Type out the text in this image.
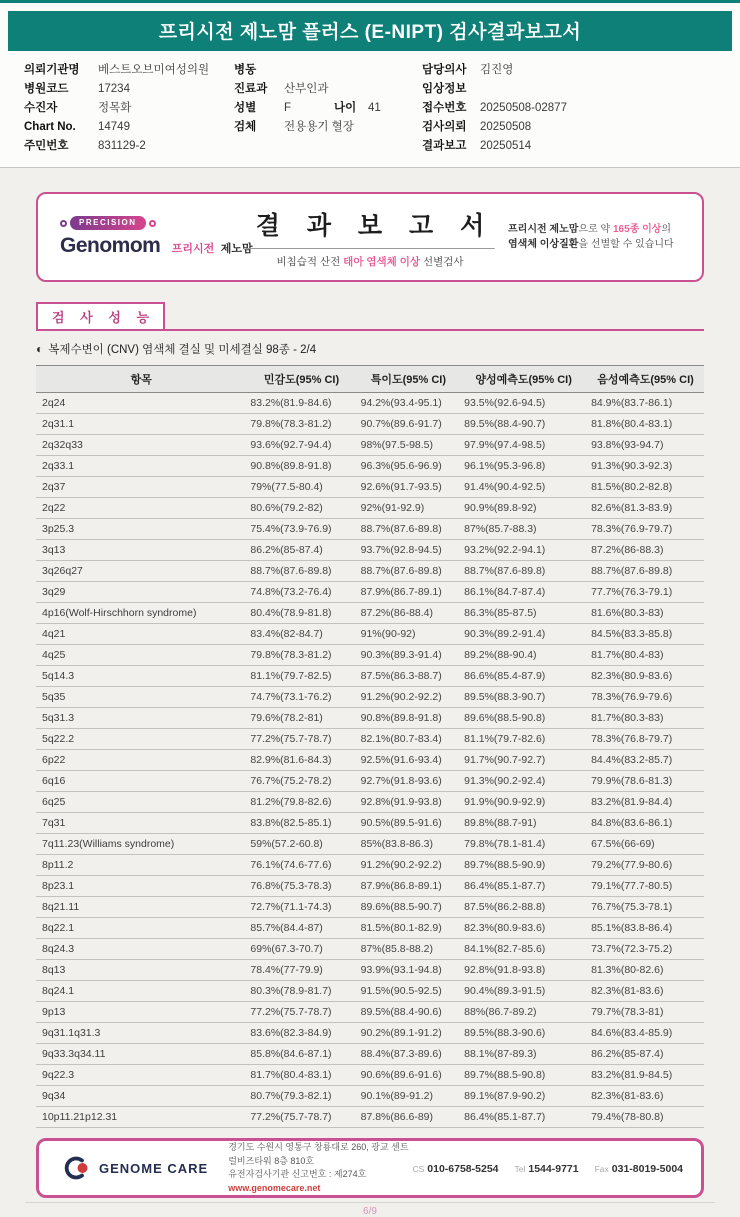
프리시전 제노맘 플러스 (E-NIPT) 검사결과보고서
의뢰기관명	베스트오브미여성의원
병원코드	17234
수진자	정목화
Chart No.	14749
주민번호	831129-2
병동
진료과	산부인과
성별	F	나이	41
검체	전용용기 혈장
담당의사	김진영
임상정보
접수번호	20250508-02877
검사의뢰	20250508
결과보고	20250514
PRECISION
Genomom 프리시전 제노맘
결 과 보 고 서
비침습적 산전 태아 염색체 이상 선별검사
프리시전 제노맘으로 약 165종 이상의
염색체 이상질환을 선별할 수 있습니다
검 사 성 능
◐ 복제수변이 (CNV) 염색체 결실 및 미세결실 98종 - 2/4
항목	민감도(95% CI)	특이도(95% CI)	양성예측도(95% CI)	음성예측도(95% CI)
2q24	83.2%(81.9-84.6)	94.2%(93.4-95.1)	93.5%(92.6-94.5)	84.9%(83.7-86.1)
2q31.1	79.8%(78.3-81.2)	90.7%(89.6-91.7)	89.5%(88.4-90.7)	81.8%(80.4-83.1)
2q32q33	93.6%(92.7-94.4)	98%(97.5-98.5)	97.9%(97.4-98.5)	93.8%(93-94.7)
2q33.1	90.8%(89.8-91.8)	96.3%(95.6-96.9)	96.1%(95.3-96.8)	91.3%(90.3-92.3)
2q37	79%(77.5-80.4)	92.6%(91.7-93.5)	91.4%(90.4-92.5)	81.5%(80.2-82.8)
2q22	80.6%(79.2-82)	92%(91-92.9)	90.9%(89.8-92)	82.6%(81.3-83.9)
3p25.3	75.4%(73.9-76.9)	88.7%(87.6-89.8)	87%(85.7-88.3)	78.3%(76.9-79.7)
3q13	86.2%(85-87.4)	93.7%(92.8-94.5)	93.2%(92.2-94.1)	87.2%(86-88.3)
3q26q27	88.7%(87.6-89.8)	88.7%(87.6-89.8)	88.7%(87.6-89.8)	88.7%(87.6-89.8)
3q29	74.8%(73.2-76.4)	87.9%(86.7-89.1)	86.1%(84.7-87.4)	77.7%(76.3-79.1)
4p16(Wolf-Hirschhorn syndrome)	80.4%(78.9-81.8)	87.2%(86-88.4)	86.3%(85-87.5)	81.6%(80.3-83)
4q21	83.4%(82-84.7)	91%(90-92)	90.3%(89.2-91.4)	84.5%(83.3-85.8)
4q25	79.8%(78.3-81.2)	90.3%(89.3-91.4)	89.2%(88-90.4)	81.7%(80.4-83)
5q14.3	81.1%(79.7-82.5)	87.5%(86.3-88.7)	86.6%(85.4-87.9)	82.3%(80.9-83.6)
5q35	74.7%(73.1-76.2)	91.2%(90.2-92.2)	89.5%(88.3-90.7)	78.3%(76.9-79.6)
5q31.3	79.6%(78.2-81)	90.8%(89.8-91.8)	89.6%(88.5-90.8)	81.7%(80.3-83)
5q22.2	77.2%(75.7-78.7)	82.1%(80.7-83.4)	81.1%(79.7-82.6)	78.3%(76.8-79.7)
6p22	82.9%(81.6-84.3)	92.5%(91.6-93.4)	91.7%(90.7-92.7)	84.4%(83.2-85.7)
6q16	76.7%(75.2-78.2)	92.7%(91.8-93.6)	91.3%(90.2-92.4)	79.9%(78.6-81.3)
6q25	81.2%(79.8-82.6)	92.8%(91.9-93.8)	91.9%(90.9-92.9)	83.2%(81.9-84.4)
7q31	83.8%(82.5-85.1)	90.5%(89.5-91.6)	89.8%(88.7-91)	84.8%(83.6-86.1)
7q11.23(Williams syndrome)	59%(57.2-60.8)	85%(83.8-86.3)	79.8%(78.1-81.4)	67.5%(66-69)
8p11.2	76.1%(74.6-77.6)	91.2%(90.2-92.2)	89.7%(88.5-90.9)	79.2%(77.9-80.6)
8p23.1	76.8%(75.3-78.3)	87.9%(86.8-89.1)	86.4%(85.1-87.7)	79.1%(77.7-80.5)
8q21.11	72.7%(71.1-74.3)	89.6%(88.5-90.7)	87.5%(86.2-88.8)	76.7%(75.3-78.1)
8q22.1	85.7%(84.4-87)	81.5%(80.1-82.9)	82.3%(80.9-83.6)	85.1%(83.8-86.4)
8q24.3	69%(67.3-70.7)	87%(85.8-88.2)	84.1%(82.7-85.6)	73.7%(72.3-75.2)
8q13	78.4%(77-79.9)	93.9%(93.1-94.8)	92.8%(91.8-93.8)	81.3%(80-82.6)
8q24.1	80.3%(78.9-81.7)	91.5%(90.5-92.5)	90.4%(89.3-91.5)	82.3%(81-83.6)
9p13	77.2%(75.7-78.7)	89.5%(88.4-90.6)	88%(86.7-89.2)	79.7%(78.3-81)
9q31.1q31.3	83.6%(82.3-84.9)	90.2%(89.1-91.2)	89.5%(88.3-90.6)	84.6%(83.4-85.9)
9q33.3q34.11	85.8%(84.6-87.1)	88.4%(87.3-89.6)	88.1%(87-89.3)	86.2%(85-87.4)
9q22.3	81.7%(80.4-83.1)	90.6%(89.6-91.6)	89.7%(88.5-90.8)	83.2%(81.9-84.5)
9q34	80.7%(79.3-82.1)	90.1%(89-91.2)	89.1%(87.9-90.2)	82.3%(81-83.6)
10p11.21p12.31	77.2%(75.7-78.7)	87.8%(86.6-89)	86.4%(85.1-87.7)	79.4%(78-80.8)
GENOME CARE
경기도 수원시 영통구 창룡대로 260, 광교 센트럴비즈타워 8층 810호
유전자검사기관 신고번호 : 제274호
www.genomecare.net
CS 010-6758-5254 Tel 1544-9771 Fax 031-8019-5004
6/9
